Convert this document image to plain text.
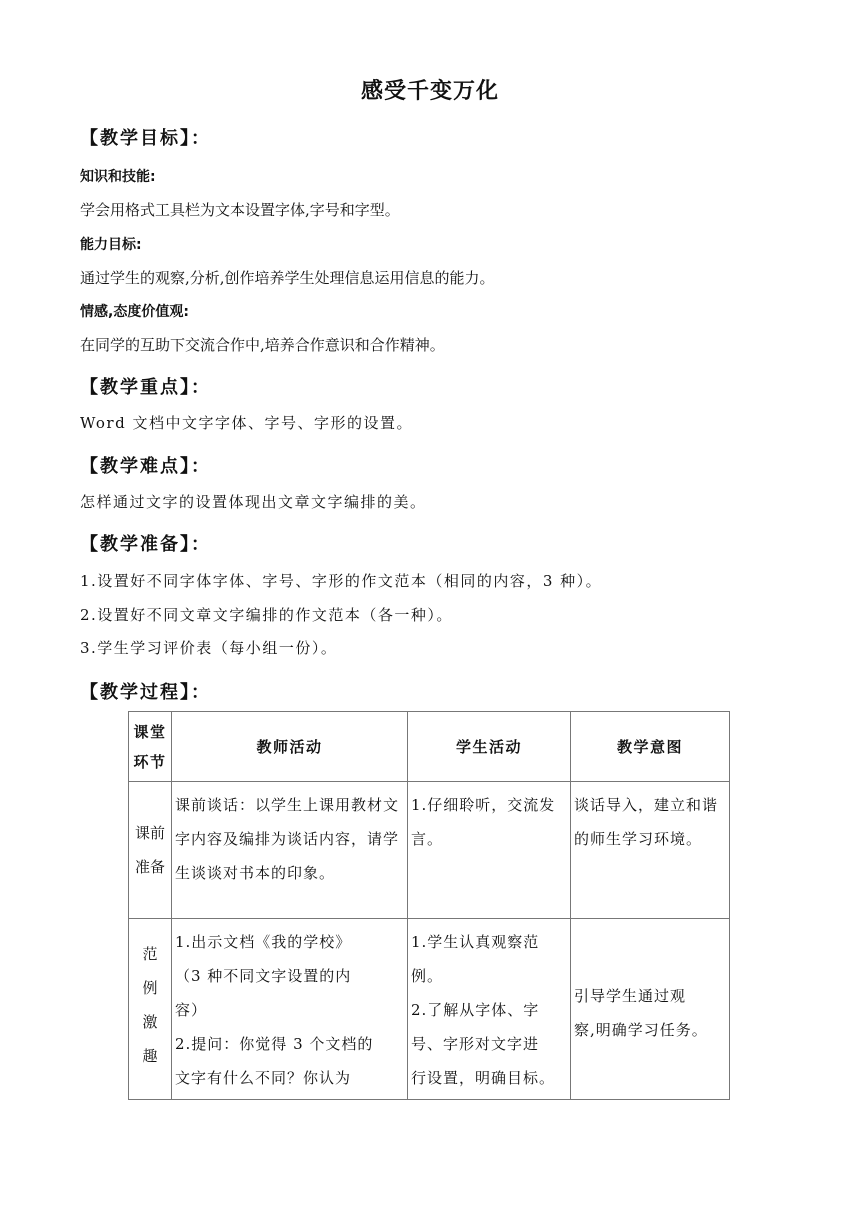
感受千变万化
【教学目标】：
知识和技能:
学会用格式工具栏为文本设置字体,字号和字型。
能力目标:
通过学生的观察,分析,创作培养学生处理信息运用信息的能力。
情感,态度价值观:
在同学的互助下交流合作中,培养合作意识和合作精神。
【教学重点】：
Word 文档中文字字体、字号、字形的设置。
【教学难点】：
怎样通过文字的设置体现出文章文字编排的美。
【教学准备】：
1.设置好不同字体字体、字号、字形的作文范本（相同的内容，3 种）。
2.设置好不同文章文字编排的作文范本（各一种）。
3.学生学习评价表（每小组一份）。
【教学过程】：
课堂
环节	教师活动	学生活动	教学意图

课前
准备	课前谈话：以学生上课用教材文字内容及编排为谈话内容，请学生谈谈对书本的印象。	1.仔细聆听，交流发言。	谈话导入，建立和谐的师生学习环境。

范
例
激
趣	1.出示文档《我的学校》
（3 种不同文字设置的内
容）
2.提问：你觉得 3 个文档的
文字有什么不同？你认为	1.学生认真观察范
例。
2.了解从字体、字
号、字形对文字进
行设置，明确目标。	引导学生通过观
察,明确学习任务。
